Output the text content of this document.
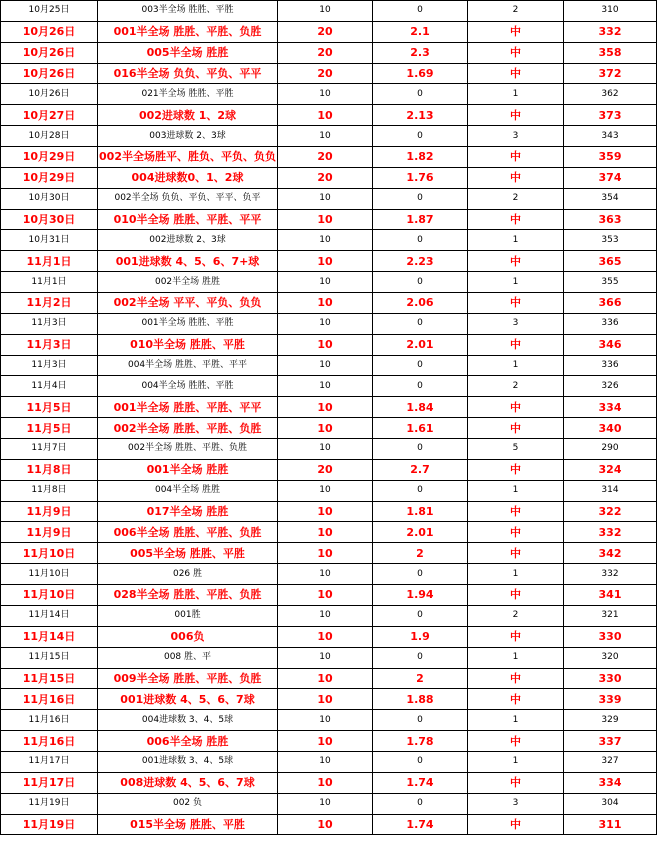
10月25日	003半全场 胜胜、平胜	10	0	2	310
10月26日	001半全场 胜胜、平胜、负胜	20	2.1	中	332
10月26日	005半全场 胜胜	20	2.3	中	358
10月26日	016半全场 负负、平负、平平	20	1.69	中	372
10月26日	021半全场 胜胜、平胜	10	0	1	362
10月27日	002进球数 1、2球	10	2.13	中	373
10月28日	003进球数 2、3球	10	0	3	343
10月29日	002半全场胜平、胜负、平负、负负	20	1.82	中	359
10月29日	004进球数0、1、2球	20	1.76	中	374
10月30日	002半全场 负负、平负、平平、负平	10	0	2	354
10月30日	010半全场 胜胜、平胜、平平	10	1.87	中	363
10月31日	002进球数 2、3球	10	0	1	353
11月1日	001进球数 4、5、6、7+球	10	2.23	中	365
11月1日	002半全场 胜胜	10	0	1	355
11月2日	002半全场 平平、平负、负负	10	2.06	中	366
11月3日	001半全场 胜胜、平胜	10	0	3	336
11月3日	010半全场 胜胜、平胜	10	2.01	中	346
11月3日	004半全场 胜胜、平胜、平平	10	0	1	336
11月4日	004半全场 胜胜、平胜	10	0	2	326
11月5日	001半全场 胜胜、平胜、平平	10	1.84	中	334
11月5日	002半全场 胜胜、平胜、负胜	10	1.61	中	340
11月7日	002半全场 胜胜、平胜、负胜	10	0	5	290
11月8日	001半全场 胜胜	20	2.7	中	324
11月8日	004半全场 胜胜	10	0	1	314
11月9日	017半全场 胜胜	10	1.81	中	322
11月9日	006半全场 胜胜、平胜、负胜	10	2.01	中	332
11月10日	005半全场 胜胜、平胜	10	2	中	342
11月10日	026 胜	10	0	1	332
11月10日	028半全场 胜胜、平胜、负胜	10	1.94	中	341
11月14日	001胜	10	0	2	321
11月14日	006负	10	1.9	中	330
11月15日	008 胜、平	10	0	1	320
11月15日	009半全场 胜胜、平胜、负胜	10	2	中	330
11月16日	001进球数 4、5、6、7球	10	1.88	中	339
11月16日	004进球数 3、4、5球	10	0	1	329
11月16日	006半全场 胜胜	10	1.78	中	337
11月17日	001进球数 3、4、5球	10	0	1	327
11月17日	008进球数 4、5、6、7球	10	1.74	中	334
11月19日	002 负	10	0	3	304
11月19日	015半全场 胜胜、平胜	10	1.74	中	311
